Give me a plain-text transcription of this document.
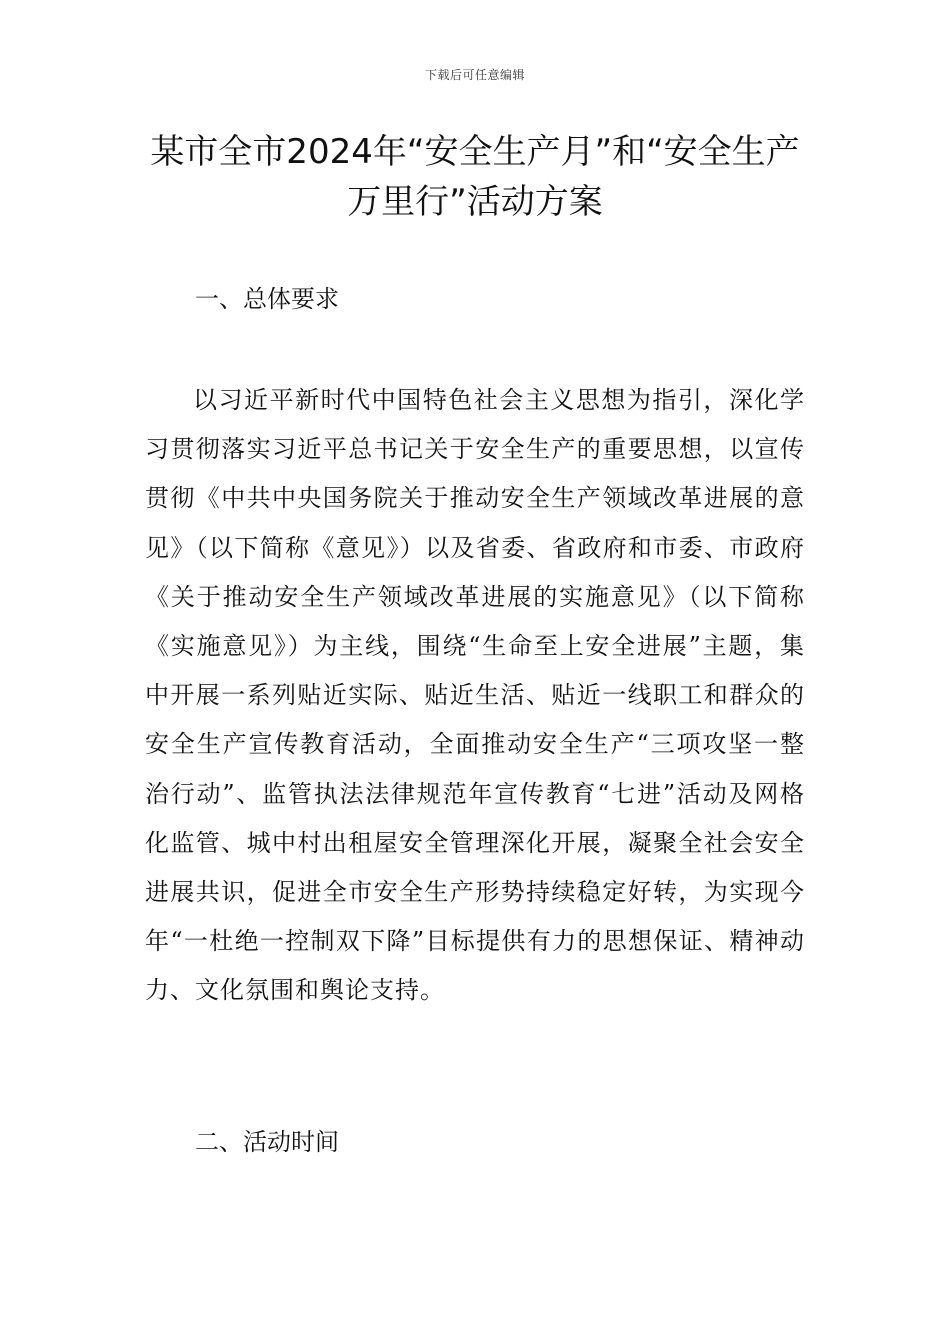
下载后可任意编辑
某市全市2024年“安全生产月”和“安全生产万里行”活动方案
一、总体要求

以习近平新时代中国特色社会主义思想为指引，深化学习贯彻落实习近平总书记关于安全生产的重要思想，以宣传贯彻《中共中央国务院关于推动安全生产领域改革进展的意见》（以下简称《意见》）以及省委、省政府和市委、市政府《关于推动安全生产领域改革进展的实施意见》（以下简称《实施意见》）为主线，围绕“生命至上安全进展”主题，集中开展一系列贴近实际、贴近生活、贴近一线职工和群众的安全生产宣传教育活动，全面推动安全生产“三项攻坚一整治行动”、监管执法法律规范年宣传教育“七进”活动及网格化监管、城中村出租屋安全管理深化开展，凝聚全社会安全进展共识，促进全市安全生产形势持续稳定好转，为实现今年“一杜绝一控制双下降”目标提供有力的思想保证、精神动力、文化氛围和舆论支持。

二、活动时间
